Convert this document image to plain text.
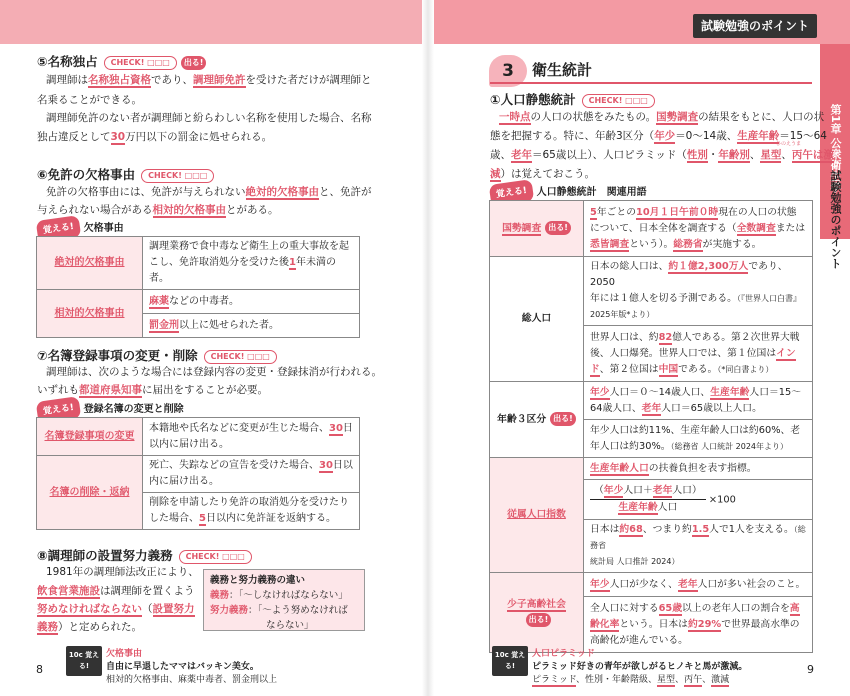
試験勉強のポイント
⑤名称独占 CHECK! □□□ 出る!
調理師は名称独占資格であり、調理師免許を受けた者だけが調理師と
名乗ることができる。
調理師免許のない者が調理師と紛らわしい名称を使用した場合、名称
独占違反として30万円以下の罰金に処せられる。
⑥免許の欠格事由 CHECK! □□□
免許の欠格事由には、免許が与えられない絶対的欠格事由と、免許が
与えられない場合がある相対的欠格事由とがある。
覚える! 欠格事由
絶対的欠格事由	調理業務で食中毒など衛生上の重大事故を起
こし、免許取消処分を受けた後1年未満の者。

相対的欠格事由	麻薬などの中毒者。
	罰金刑以上に処せられた者。
⑦名簿登録事項の変更・削除 CHECK! □□□
調理師は、次のような場合には登録内容の変更・登録抹消が行われる。
いずれも都道府県知事に届出をすることが必要。
覚える! 登録名簿の変更と削除
名簿登録事項の変更	本籍地や氏名などに変更が生じた場合、30日
以内に届け出る。

名簿の削除・返納	死亡、失踪などの宣告を受けた場合、30日以
内に届け出る。

	削除を申請したり免許の取消処分を受けたり
した場合、5日以内に免許証を返納する。
⑧調理師の設置努力義務 CHECK! □□□
1981年の調理師法改正により、
飲食営業施設は調理師を置くよう
努めなければならない（設置努力
義務）と定められた。
義務と努力義務の違い
義務：「〜しなければならない」
努力義務：「〜よう努めなければ
ならない」
10c 覚える!
欠格事由
自由に早退したママはバッキン美女。
相対的欠格事由、麻薬中毒者、罰金刑以上
8
3	衛生統計
第1章 公衆衛生学
試験勉強のポイント
①人口静態統計 CHECK! □□□
一時点の人口の状態をみたもの。国勢調査の結果をもとに、人口の状
態を把握する。特に、年齢3区分（年少＝0〜14歳、生産年齢＝15〜64
ひのえうま
歳、老年＝65歳以上）、人口ピラミッド（性別・年齢別、星型、丙午は激
減）は覚えておこう。
覚える! 人口静態統計　関連用語
国勢調査 出る!	5年ごとの10月１日午前０時現在の人口の状態
について、日本全体を調査する（全数調査または
悉皆調査という）。総務省が実施する。

総人口	日本の総人口は、約１億2,300万人であり、2050
年には１億人を切る予測である。（『世界人口白書』
2025年版*より）

	世界人口は、約82億人である。第２次世界大戦
後、人口爆発。世界人口では、第１位国はイン
ド、第２位国は中国である。（*同白書より）

年齢３区分 出る!	年少人口＝０〜14歳人口、生産年齢人口＝15〜
64歳人口、老年人口＝65歳以上人口。

	年少人口は約11%、生産年齢人口は約60%、老
年人口は約30%。（総務省 人口統計 2024年より）

従属人口指数	生産年齢人口の扶養負担を表す指標。

	$\frac{\text{（年少人口＋老年人口）}}{\text{生産年齢人口}} \times 100$

	日本は約68、つまり約1.5人で1人を支える。（総務省
統計局 人口推計 2024）

少子高齢社会
出る!	年少人口が少なく、老年人口が多い社会のこと。

	全人口に対する65歳以上の老年人口の割合を高
齢化率という。日本は約29%で世界最高水準の
高齢化が進んでいる。
10c 覚える!
人口ピラミッド
ピラミッド好きの青年が欲しがるヒノキと馬が激減。
ピラミッド、性別・年齢階級、星型、丙午、激減
9
